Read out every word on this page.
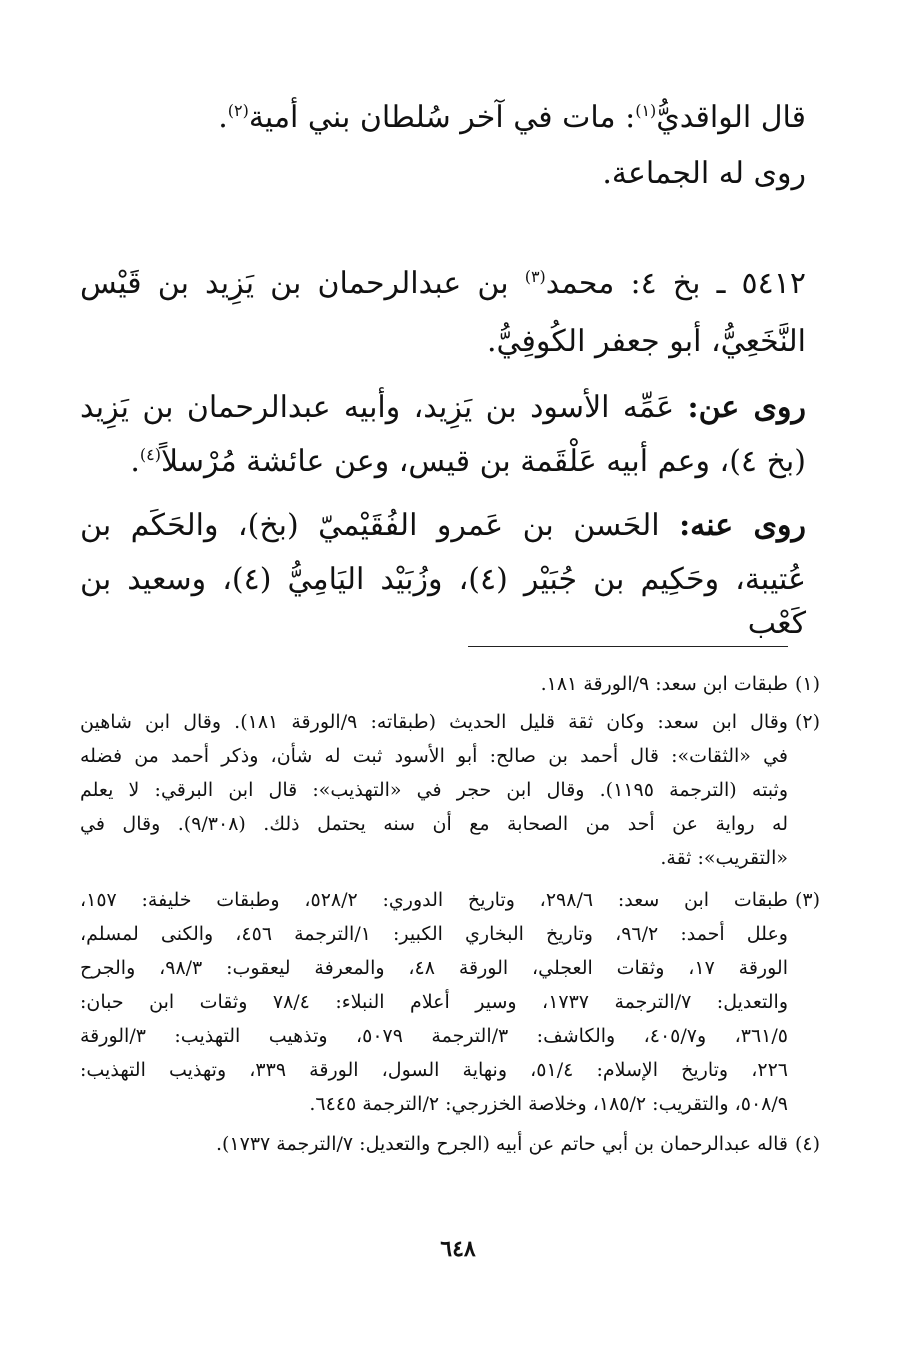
قال الواقديُّ$^{(١)}$: مات في آخر سُلطان بني أمية$^{(٢)}$.
روى له الجماعة.
٥٤١٢ ـ بخ ٤: محمد$^{(٣)}$ بن عبدالرحمان بن يَزِيد بن قَيْس
النَّخَعِيُّ، أبو جعفر الكُوفِيُّ.
روى عن: عَمِّه الأسود بن يَزِيد، وأبيه عبدالرحمان بن يَزِيد
(بخ ٤)، وعم أبيه عَلْقَمة بن قيس، وعن عائشة مُرْسلاً$^{(٤)}$.
روى عنه: الحَسن بن عَمرو الفُقَيْميّ (بخ)، والحَكَم بن
عُتيبة، وحَكِيم بن جُبَيْر (٤)، وزُبَيْد اليَامِيُّ (٤)، وسعيد بن كَعْب
(١)
طبقات ابن سعد: ٩/الورقة ١٨١.
(٢)
وقال ابن سعد: وكان ثقة قليل الحديث (طبقاته: ٩/الورقة ١٨١). وقال ابن شاهين
في «الثقات»: قال أحمد بن صالح: أبو الأسود ثبت له شأن، وذكر أحمد من فضله
وثبته (الترجمة ١١٩٥). وقال ابن حجر في «التهذيب»: قال ابن البرقي: لا يعلم
له رواية عن أحد من الصحابة مع أن سنه يحتمل ذلك. (٩/٣٠٨). وقال في
«التقريب»: ثقة.
(٣)
طبقات ابن سعد: ٢٩٨/٦، وتاريخ الدوري: ٥٢٨/٢، وطبقات خليفة: ١٥٧،
وعلل أحمد: ٩٦/٢، وتاريخ البخاري الكبير: ١/الترجمة ٤٥٦، والكنى لمسلم،
الورقة ١٧، وثقات العجلي، الورقة ٤٨، والمعرفة ليعقوب: ٩٨/٣، والجرح
والتعديل: ٧/الترجمة ١٧٣٧، وسير أعلام النبلاء: ٧٨/٤ وثقات ابن حبان:
٣٦١/٥، و٤٠٥/٧، والكاشف: ٣/الترجمة ٥٠٧٩، وتذهيب التهذيب: ٣/الورقة
٢٢٦، وتاريخ الإسلام: ٥١/٤، ونهاية السول، الورقة ٣٣٩، وتهذيب التهذيب:
٥٠٨/٩، والتقريب: ١٨٥/٢، وخلاصة الخزرجي: ٢/الترجمة ٦٤٤٥.
(٤)
قاله عبدالرحمان بن أبي حاتم عن أبيه (الجرح والتعديل: ٧/الترجمة ١٧٣٧).
٦٤٨
